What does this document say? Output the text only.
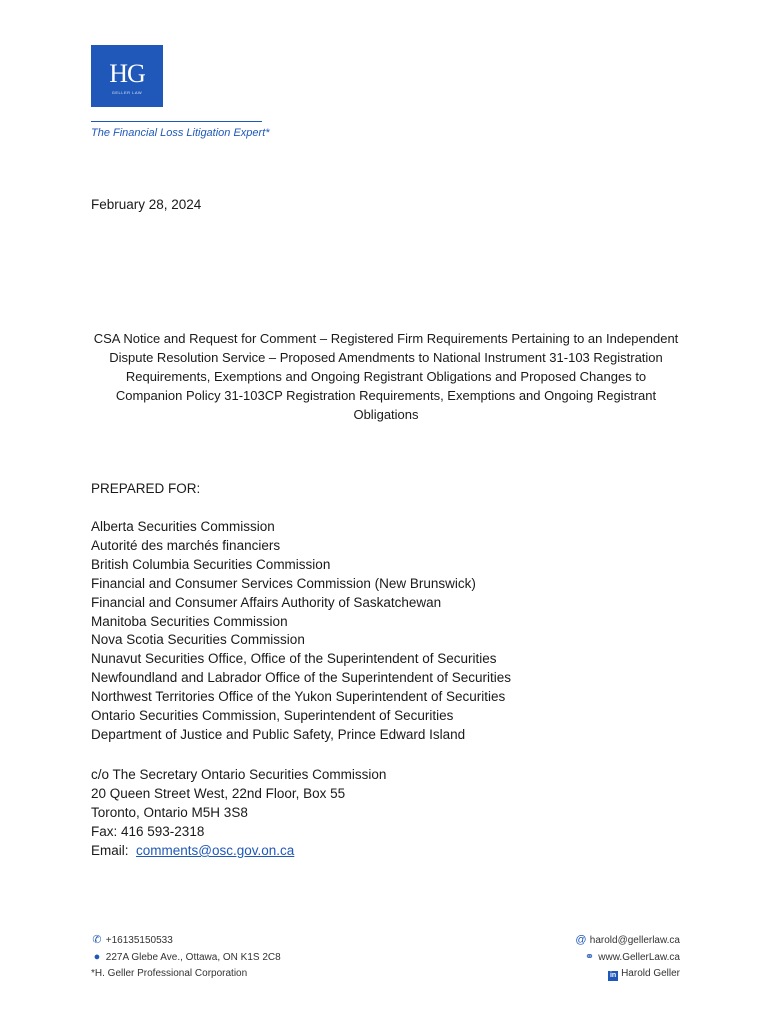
HG
GELLER LAW
The Financial Loss Litigation Expert*
February 28, 2024
CSA Notice and Request for Comment – Registered Firm Requirements Pertaining to an Independent Dispute Resolution Service – Proposed Amendments to National Instrument 31-103 Registration Requirements, Exemptions and Ongoing Registrant Obligations and Proposed Changes to Companion Policy 31-103CP Registration Requirements, Exemptions and Ongoing Registrant Obligations
PREPARED FOR:
Alberta Securities Commission
Autorité des marchés financiers
British Columbia Securities Commission
Financial and Consumer Services Commission (New Brunswick)
Financial and Consumer Affairs Authority of Saskatchewan
Manitoba Securities Commission
Nova Scotia Securities Commission
Nunavut Securities Office, Office of the Superintendent of Securities
Newfoundland and Labrador Office of the Superintendent of Securities
Northwest Territories Office of the Yukon Superintendent of Securities
Ontario Securities Commission, Superintendent of Securities
Department of Justice and Public Safety, Prince Edward Island
c/o The Secretary Ontario Securities Commission
20 Queen Street West, 22nd Floor, Box 55
Toronto, Ontario M5H 3S8
Fax: 416 593-2318
Email: comments@osc.gov.on.ca
✆ +16135150533
● 227A Glebe Ave., Ottawa, ON K1S 2C8
*H. Geller Professional Corporation
@ harold@gellerlaw.ca
⚭ www.GellerLaw.ca
in Harold Geller
